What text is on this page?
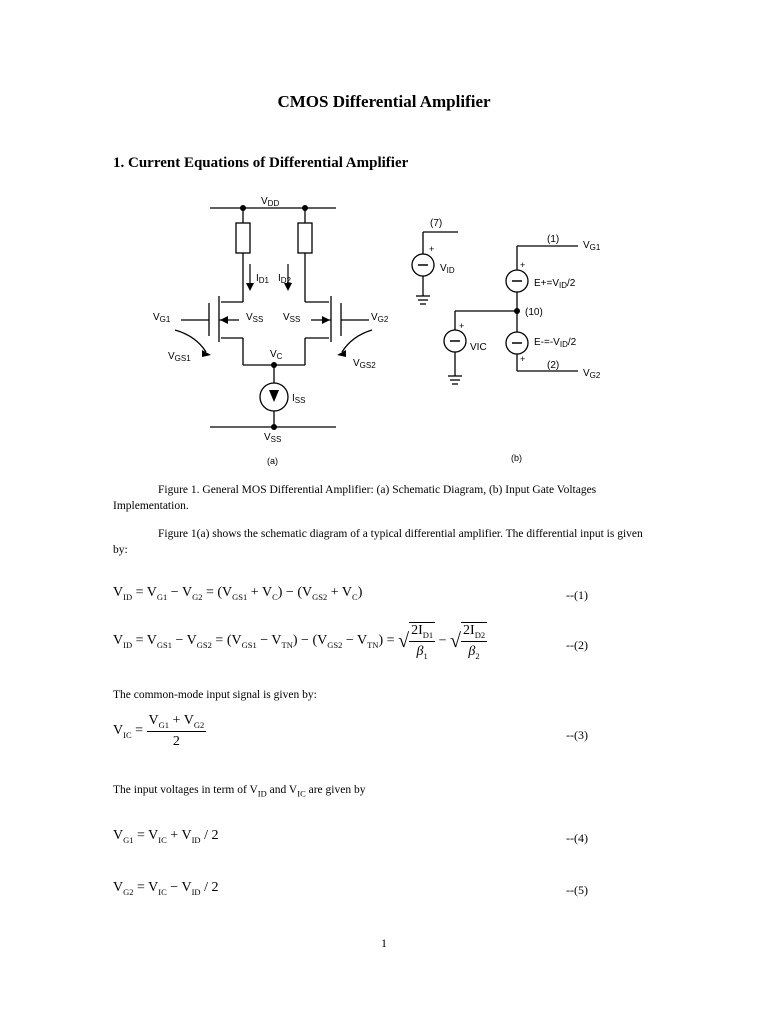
CMOS Differential Amplifier
1. Current Equations of Differential Amplifier
$V_{DD}$
$I_{D1}$ $I_{D2}$
$V_{G1}$	$V_{G2}$
$V_{SS}$ $V_{SS}$
$V_{GS1}$	$V_{GS2}$
$V_C$
$I_{SS}$
$V_{SS}$
(a)
(7)
+
$V_{ID}$
(1)
$V_{G1}$
+
$E+=V_{ID}/2$
(10)
+
VIC	$E-=-V_{ID}/2$
+
(2)
$V_{G2}$
(b)
Figure 1. General MOS Differential Amplifier: (a) Schematic Diagram, (b) Input Gate Voltages Implementation.
Figure 1(a) shows the schematic diagram of a typical differential amplifier. The differential input is given by:
$V_{ID} = V_{G1} - V_{G2} = (V_{GS1} + V_C) - (V_{GS2} + V_C)$	--(1)
$V_{ID} = V_{GS1} - V_{GS2} = (V_{GS1} - V_{TN}) - (V_{GS2} - V_{TN})$ = √ $\frac{2I_{D1}}{\beta_1}$ − √ $\frac{2I_{D2}}{\beta_2}$	--(2)
The common-mode input signal is given by:
$V_{IC} = \frac{V_{G1} + V_{G2}}{2}$	--(3)
The input voltages in term of $V_{ID}$ and $V_{IC}$ are given by
$V_{G1} = V_{IC} + V_{ID} / 2$	--(4)
$V_{G2} = V_{IC} - V_{ID} / 2$	--(5)
1
